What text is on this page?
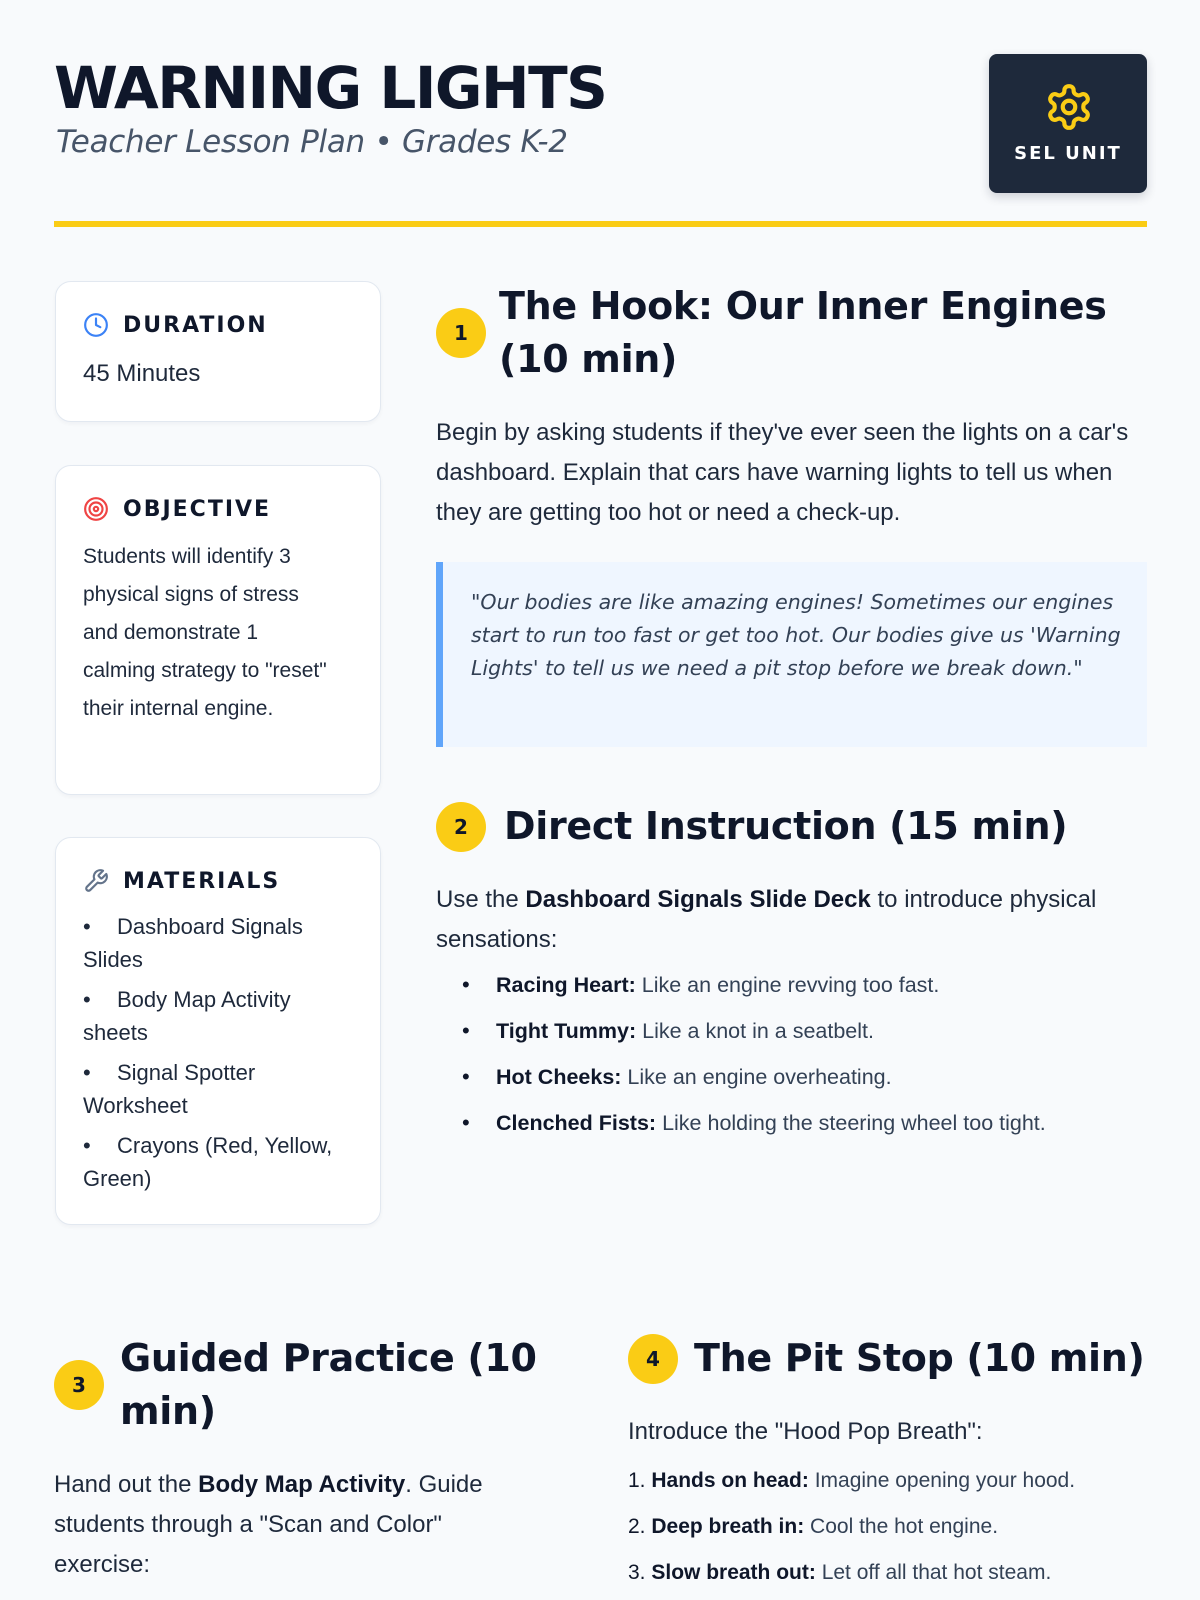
WARNING LIGHTS
Teacher Lesson Plan • Grades K-2	SEL UNIT
DURATION
45 Minutes
OBJECTIVE
Students will identify 3 physical signs of stress and demonstrate 1 calming strategy to "reset" their internal engine.
MATERIALS
• Dashboard Signals Slides
• Body Map Activity sheets
• Signal Spotter Worksheet
• Crayons (Red, Yellow, Green)
1
The Hook: Our Inner Engines (10 min)
Begin by asking students if they've ever seen the lights on a car's dashboard. Explain that cars have warning lights to tell us when they are getting too hot or need a check-up.
"Our bodies are like amazing engines! Sometimes our engines start to run too fast or get too hot. Our bodies give us 'Warning Lights' to tell us we need a pit stop before we break down."
2 Direct Instruction (15 min)
Use the Dashboard Signals Slide Deck to introduce physical sensations:
• Racing Heart: Like an engine revving too fast.
• Tight Tummy: Like a knot in a seatbelt.
• Hot Cheeks: Like an engine overheating.
• Clenched Fists: Like holding the steering wheel too tight.
3
Guided Practice (10 min)
Hand out the Body Map Activity. Guide students through a "Scan and Color" exercise:
4 The Pit Stop (10 min)
Introduce the "Hood Pop Breath":
1. Hands on head: Imagine opening your hood.
2. Deep breath in: Cool the hot engine.
3. Slow breath out: Let off all that hot steam.
